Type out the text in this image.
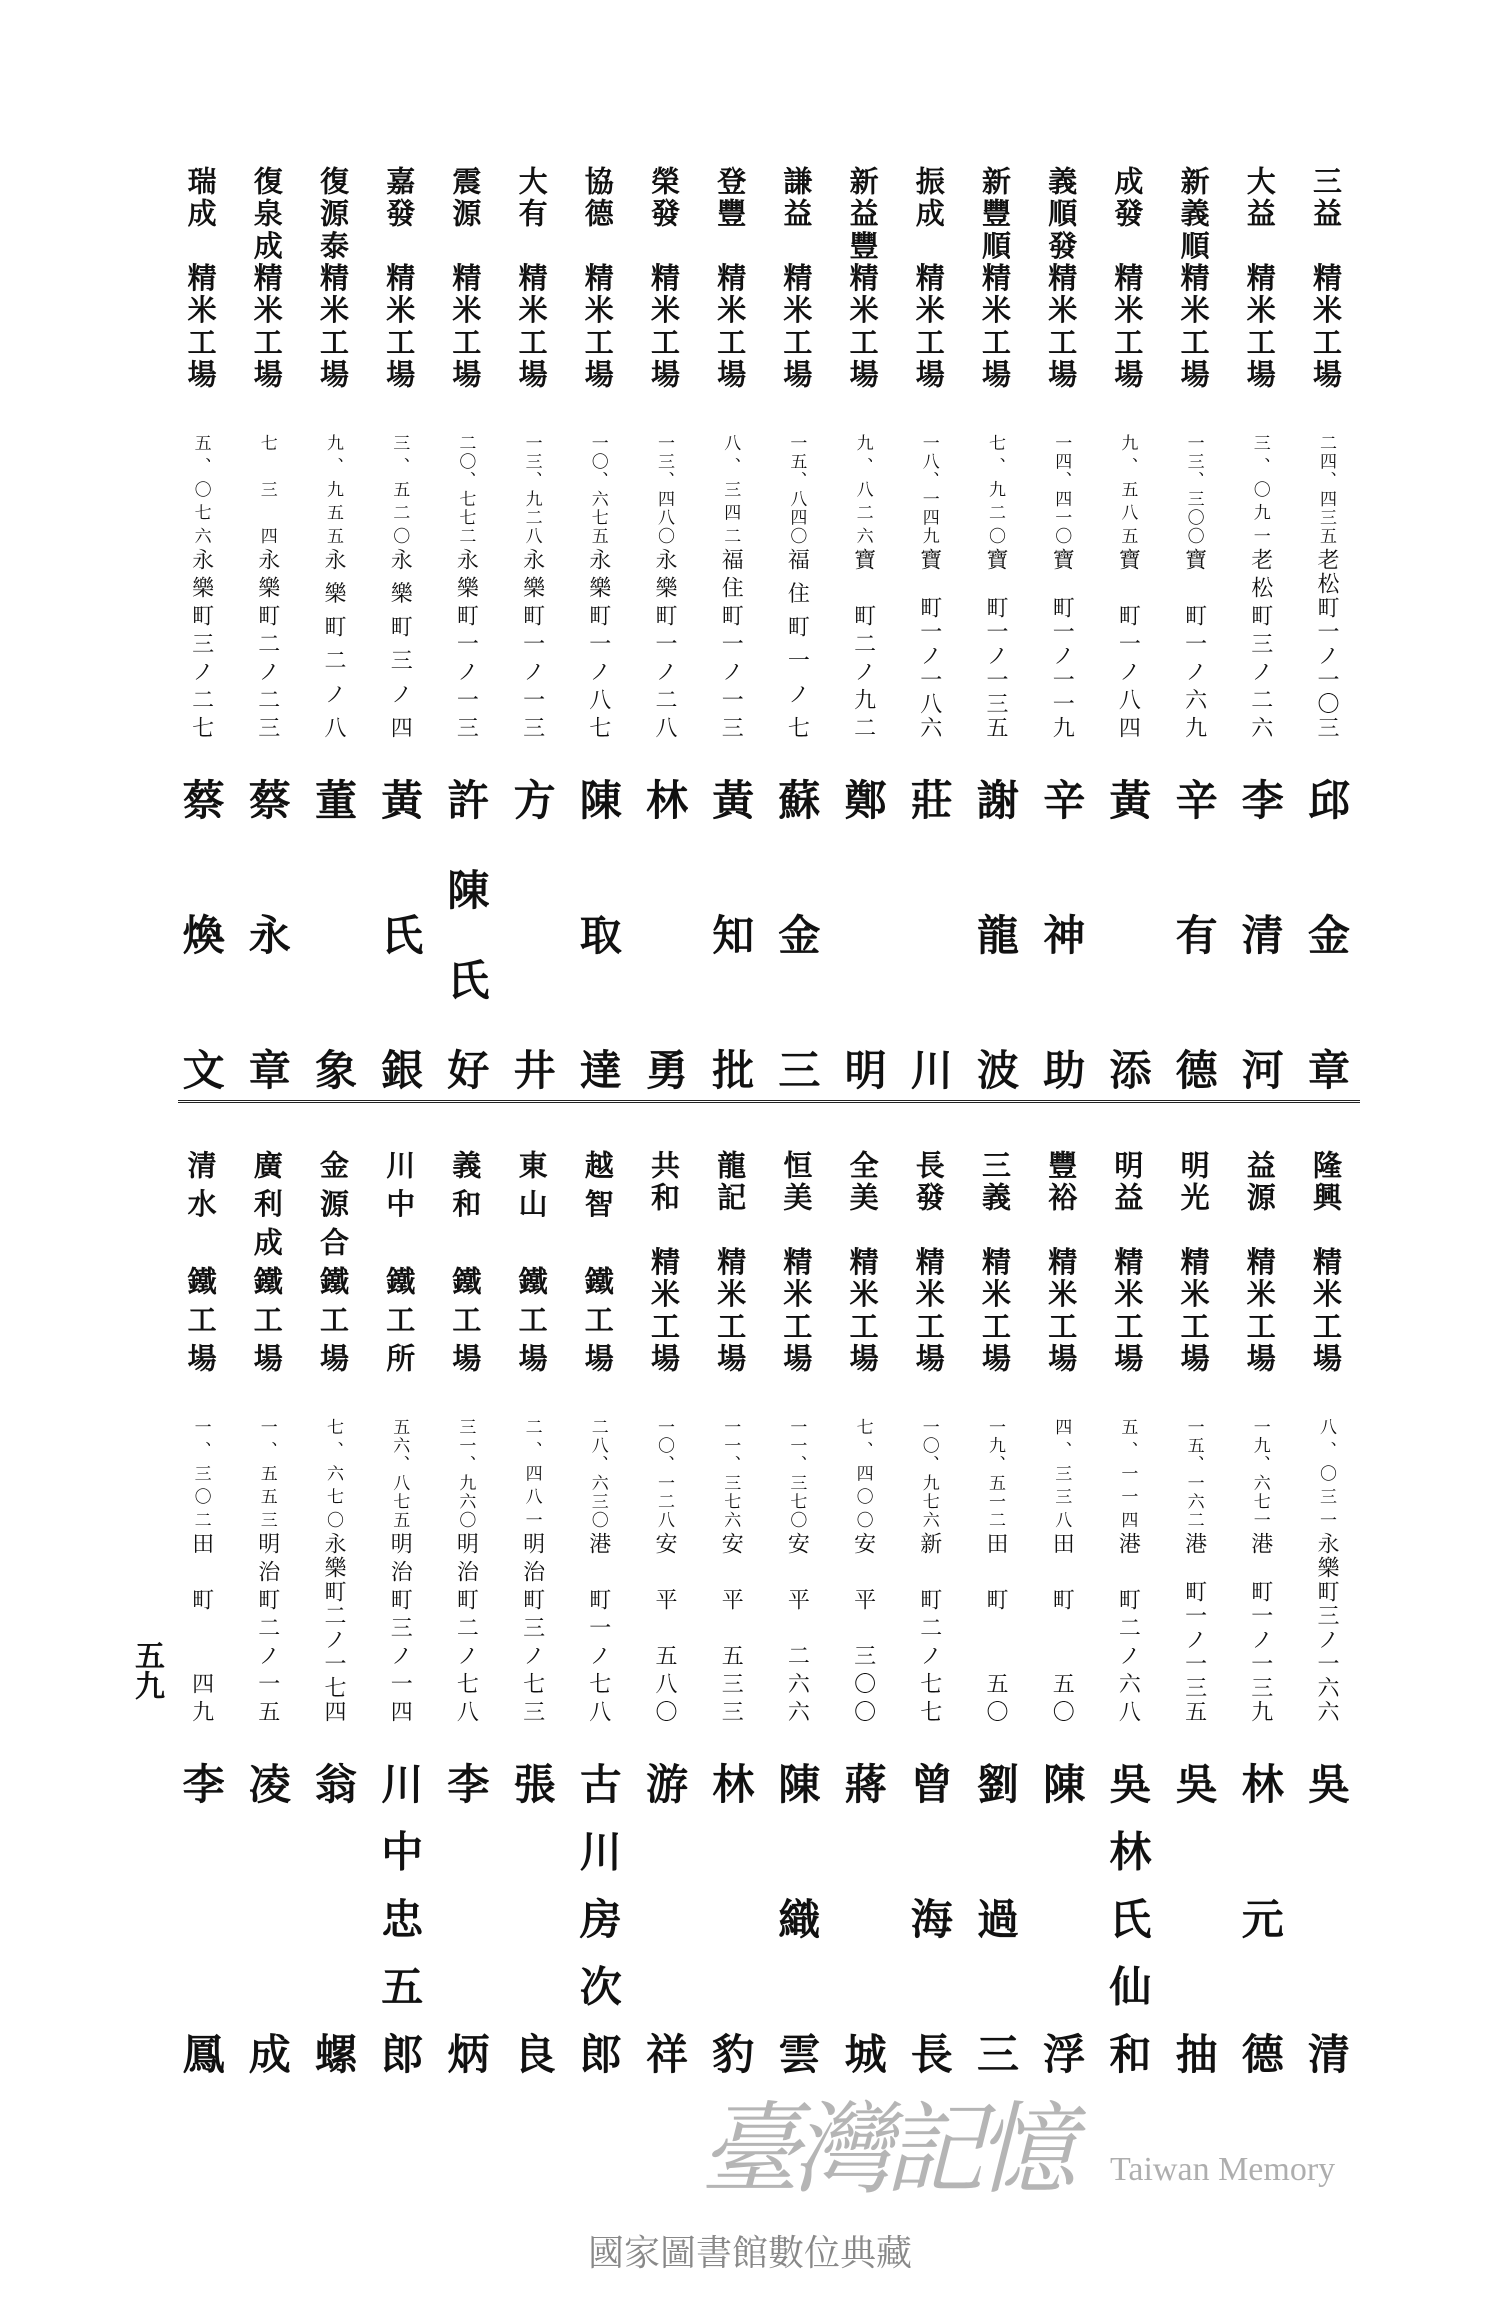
三益　精米工場
二四、四三五
老松町一ノ一〇三
邱金章
大益　精米工場
三、〇九一
老松町三ノ二六
李清河
新義順精米工場
一三、三〇〇
寶　町一ノ六九
辛有德
成發　精米工場
九、五八五
寶　町一ノ八四
黃添
義順發精米工場
一四、四一〇
寶　町一ノ一一九
辛神助
新豐順精米工場
七、九二〇
寶　町一ノ一三五
謝龍波
振成　精米工場
一八、一四九
寶　町一ノ一八六
莊川
新益豐精米工場
九、八二六
寶　町二ノ九二
鄭明
謙益　精米工場
一五、八四〇
福住町一ノ七
蘇金三
登豐　精米工場
八、三四二
福住町一ノ一三
黃知批
榮發　精米工場
一三、四八〇
永樂町一ノ二八
林勇
協德　精米工場
一〇、六七五
永樂町一ノ八七
陳取達
大有　精米工場
一三、九二八
永樂町一ノ一三
方井
震源　精米工場
二〇、七七二
永樂町一ノ一三
許陳氏好
嘉發　精米工場
三、五二〇
永樂町三ノ四
黃氏銀
復源泰精米工場
九、九五五
永樂町二ノ八
董象
復泉成精米工場
七三四
永樂町二ノ二三
蔡永章
瑞成　精米工場
五、〇七六
永樂町三ノ二七
蔡煥文
隆興　精米工場
八、〇三一
永樂町三ノ一六六
吳清
益源　精米工場
一九、六七一
港　町一ノ一三九
林元德
明光　精米工場
一五、一六二
港　町一ノ一三五
吳抽
明益　精米工場
五、一一四
港　町二ノ六八
吳林氏仙和
豐裕　精米工場
四、三三八
田　町　　五〇
陳浮
三義　精米工場
一九、五一二
田　町　　五〇
劉過三
長發　精米工場
一〇、九七六
新　町二ノ七七
曾海長
全美　精米工場
七、四〇〇
安　平　三〇〇
蔣城
恒美　精米工場
一一、三七〇
安　平　二六六
陳織雲
龍記　精米工場
一一、三七六
安　平　五三三
林豹
共和　精米工場
一〇、一二八
安　平　五八〇
游祥
越智　鐵工場
二八、六三〇
港　町一ノ七八
古川房次郎
東山　鐵工場
二、四八一
明治町三ノ七三
張良
義和　鐵工場
三一、九六〇
明治町二ノ七八
李炳
川中　鐵工所
五六、八七五
明治町三ノ一四
川中忠五郎
金源合鐵工場
七、六七〇
永樂町二ノ一七四
翁螺
廣利成鐵工場
一、五五三
明治町二ノ一五
凌成
清水　鐵工場
一、三〇二
田　町　　四九
李鳳
五九
臺灣記憶 Taiwan Memory
國家圖書館數位典藏
